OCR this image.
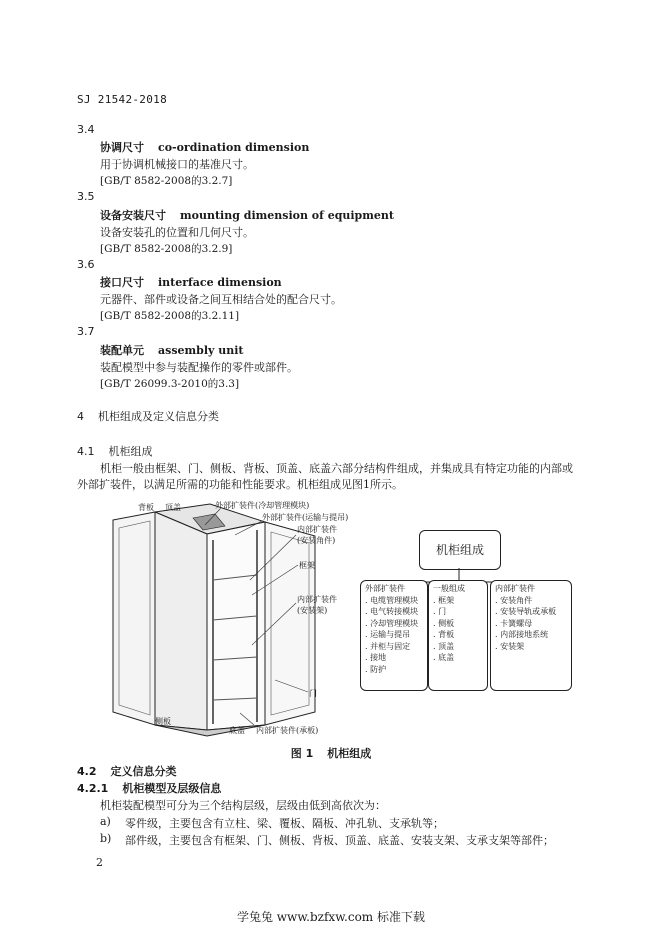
SJ 21542-2018
3.4
协调尺寸 co-ordination dimension
用于协调机械接口的基准尺寸。
[GB/T 8582-2008的3.2.7]
3.5
设备安装尺寸 mounting dimension of equipment
设备安装孔的位置和几何尺寸。
[GB/T 8582-2008的3.2.9]
3.6
接口尺寸 interface dimension
元器件、部件或设备之间互相结合处的配合尺寸。
[GB/T 8582-2008的3.2.11]
3.7
装配单元 assembly unit
装配模型中参与装配操作的零件或部件。
[GB/T 26099.3-2010的3.3]
4 机柜组成及定义信息分类
4.1 机柜组成
机柜一般由框架、门、侧板、背板、顶盖、底盖六部分结构件组成，并集成具有特定功能的内部或
外部扩装件，以满足所需的功能和性能要求。机柜组成见图1所示。
背板 顶盖	外部扩装件(冷却管理模块)
外部扩装件(运输与提吊)
内部扩装件
(安装角件)
框架
内部扩装件
(安装架)
门
侧板
底盖 内部扩装件(承板)
机柜组成
外部扩装件
. 电缆管理模块
. 电气转接模块
. 冷却管理模块
. 运输与提吊
. 并柜与固定
. 接地
. 防护
一般组成
. 框架
. 门
. 侧板
. 背板
. 顶盖
. 底盖
内部扩装件
. 安装角件
. 安装导轨或承板
. 卡簧螺母
. 内部接地系统
. 安装架
图 1 机柜组成
4.2 定义信息分类
4.2.1 机柜模型及层级信息
机柜装配模型可分为三个结构层级，层级由低到高依次为：
a) 零件级，主要包含有立柱、梁、覆板、隔板、冲孔轨、支承轨等；
b) 部件级，主要包含有框架、门、侧板、背板、顶盖、底盖、安装支架、支承支架等部件；
2
学兔兔 www.bzfxw.com 标准下载
